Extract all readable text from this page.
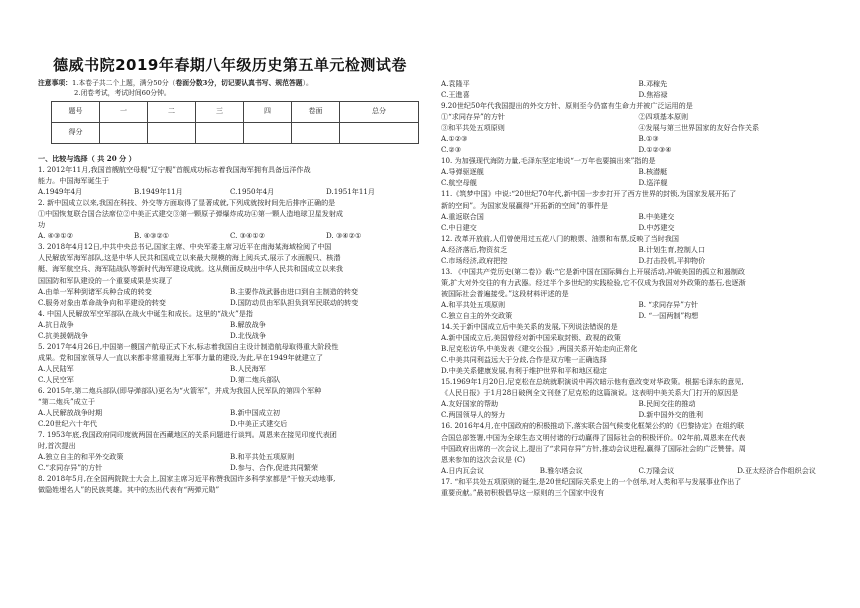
德威书院2019年春期八年级历史第五单元检测试卷
注意事项：1.本卷子共二个上题，满分50分（卷面分数3分，切记要认真书写、规范答题）。
2.闭卷考试，考试时间60分钟。
题号	一	二	三	四	卷面	总分
得分						
一、比较与选择（ 共 20 分 ）
1. 2012年11月,我国首艘航空母舰“辽宁舰”首舰成功标志着我国海军拥有具备远洋作战
能力。中国海军诞生于
A.1949年4月	B.1949年11月	C.1950年4月	D.1951年11月
2. 新中国成立以来,我国在科技、外交等方面取得了显著成就,下列成就按时间先后排序正确的是
①中国恢复联合国合法席位②中美正式建交③第一颗原子弹爆炸成功④第一颗人造地球卫星发射成
功
A. ④③①②	B. ④③②①	C. ③④①②	D. ③④②①
3. 2018年4月12日,中共中央总书记,国家主席、中央军委主席习近平在南海某海域检阅了中国
人民解放军海军部队,这是中华人民共和国成立以来最大规模的海上阅兵式,展示了水面舰只、核潜
艇、海军航空兵、海军陆战队等新时代海军建设成就。这从侧面反映出中华人民共和国成立以来我
国国防和军队建设的一个重要成果是实现了
A.由单一军种到诸军兵种合成的转变	B.主要作战武器由进口到自主制造的转变
C.服务对象由革命战争向和平建设的转变	D.国防动员由军队担负到军民联动的转变
4. 中国人民解放军空军部队在战火中诞生和成长。这里的“战火”是指
A.抗日战争	B.解放战争
C.抗美援朝战争	D.北伐战争
5. 2017年4月26日,中国第一艘国产航母正式下水,标志着我国自主设计制造航母取得重大阶段性
成果。党和国家领导人一直以来都非常重视海上军事力量的建设,为此,早在1949年就建立了
A.人民陆军	B.人民海军
C.人民空军	D.第二炮兵部队
6. 2015年,第二炮兵部队(即导弹部队)更名为“火箭军”，并成为我国人民军队的第四个军种
“第二炮兵”成立于
A.人民解放战争时期	B.新中国成立初
C.20世纪六十年代	D.中美正式建交后
7. 1953年底,我国政府同印度就两国在西藏地区的关系问题进行谈判。周恩来在接见印度代表团
时,首次提出
A.独立自主的和平外交政策	B.和平共处五项原则
C.“求同存异”的方针	D.参与、合作,促进共同繁荣
8. 2018年5月,在全国两院院士大会上,国家主席习近平称赞我国许多科学家都是“干惊天动地事,
做隐姓埋名人”的民族英雄。其中的杰出代表有“两弹元勋”
A.袁隆平	B.邓稼先
C.王進喜	D.焦裕禄
9.20世纪50年代我国提出的外交方针、原则至今仍富有生命力并被广泛运用的是
①“求同存异”的方针	②四项基本原则
③和平共处五项原则	④发展与第三世界国家的友好合作关系
A.①②③	B.①③
C.②③	D.①②③④
10. 为加强现代海防力量,毛泽东坚定地说“一万年也要搞出来”指的是
A.导弹驱逐舰	B.核潜艇
C.航空母舰	D.巡洋舰
11.《筑梦中国》中说:“20世纪70年代,新中国一步步打开了西方世界的封锁,为国家发展开拓了
新的空间”。为国家发展赢得“开拓新的空间”的事件是
A.重返联合国	B.中美建交
C.中日建交	D.中苏建交
12. 改革开放前,人们曾使用过五花八门的粮票、油票和布票,反映了当时我国
A.经济落后,物资贫乏	B.计划生育,控制人口
C.市场经济,政府把控	D.打击投机,平抑物价
13. 《中国共产党历史(第二卷)》载:“它是新中国在国际舞台上开展活动,冲破美国的孤立和遏制政
策,扩大对外交往的有力武器。经过半个多世纪的实践检验,它不仅成为我国对外政策的基石,也逐渐
被国际社会普遍接受。”这段材料评述的是
A.和平共处五项原则	B. “求同存异”方针
C.独立自主的外交政策	D. “一国两制”构想
14.关于新中国成立后中美关系的发展,下列说法错误的是
A.新中国成立后,美国曾经对新中国采取封锁、政视的政策
B.尼克松访华,中美发表《建交公报》,两国关系开始走向正常化
C.中美共同利益远大于分歧,合作是双方唯一正确选择
D.中美关系健康发展,有利于维护世界和平和地区稳定
15.1969年1月20日,尼克松在总统就职演说中再次暗示他有意改变对华政策。根据毛泽东的意见,
《人民日报》于1月28日破例全文刊登了尼克松的这篇演说。这表明中美关系大门打开的原因是
A.友好国家的帮助	B.民间交往的推动
C.两国领导人的努力	D.新中国外交的胜利
16. 2016年4月,在中国政府的积极推动下,落实联合国气候变化框架公约的《巴黎协定》在组约联
合国总部签署,中国为全球生态文明付诸的行动赢得了国际社会的积极评价。02年前,周恩来在代表
中国政府出席的一次会议上,提出了“求同存异”方针,推动会议进程,赢得了国际社会的广泛赞誉。周
恩来参加的这次会议是 (C)
A.日内瓦会议	B.雅尔塔会议	C.万隆会议	D.亚太经济合作组织会议
17. “和平共处五项原则的诞生,是20世纪国际关系史上的一个创举,对人类和平与发展事业作出了
重要贡献。”最初积极倡导这一原则的三个国家中没有
